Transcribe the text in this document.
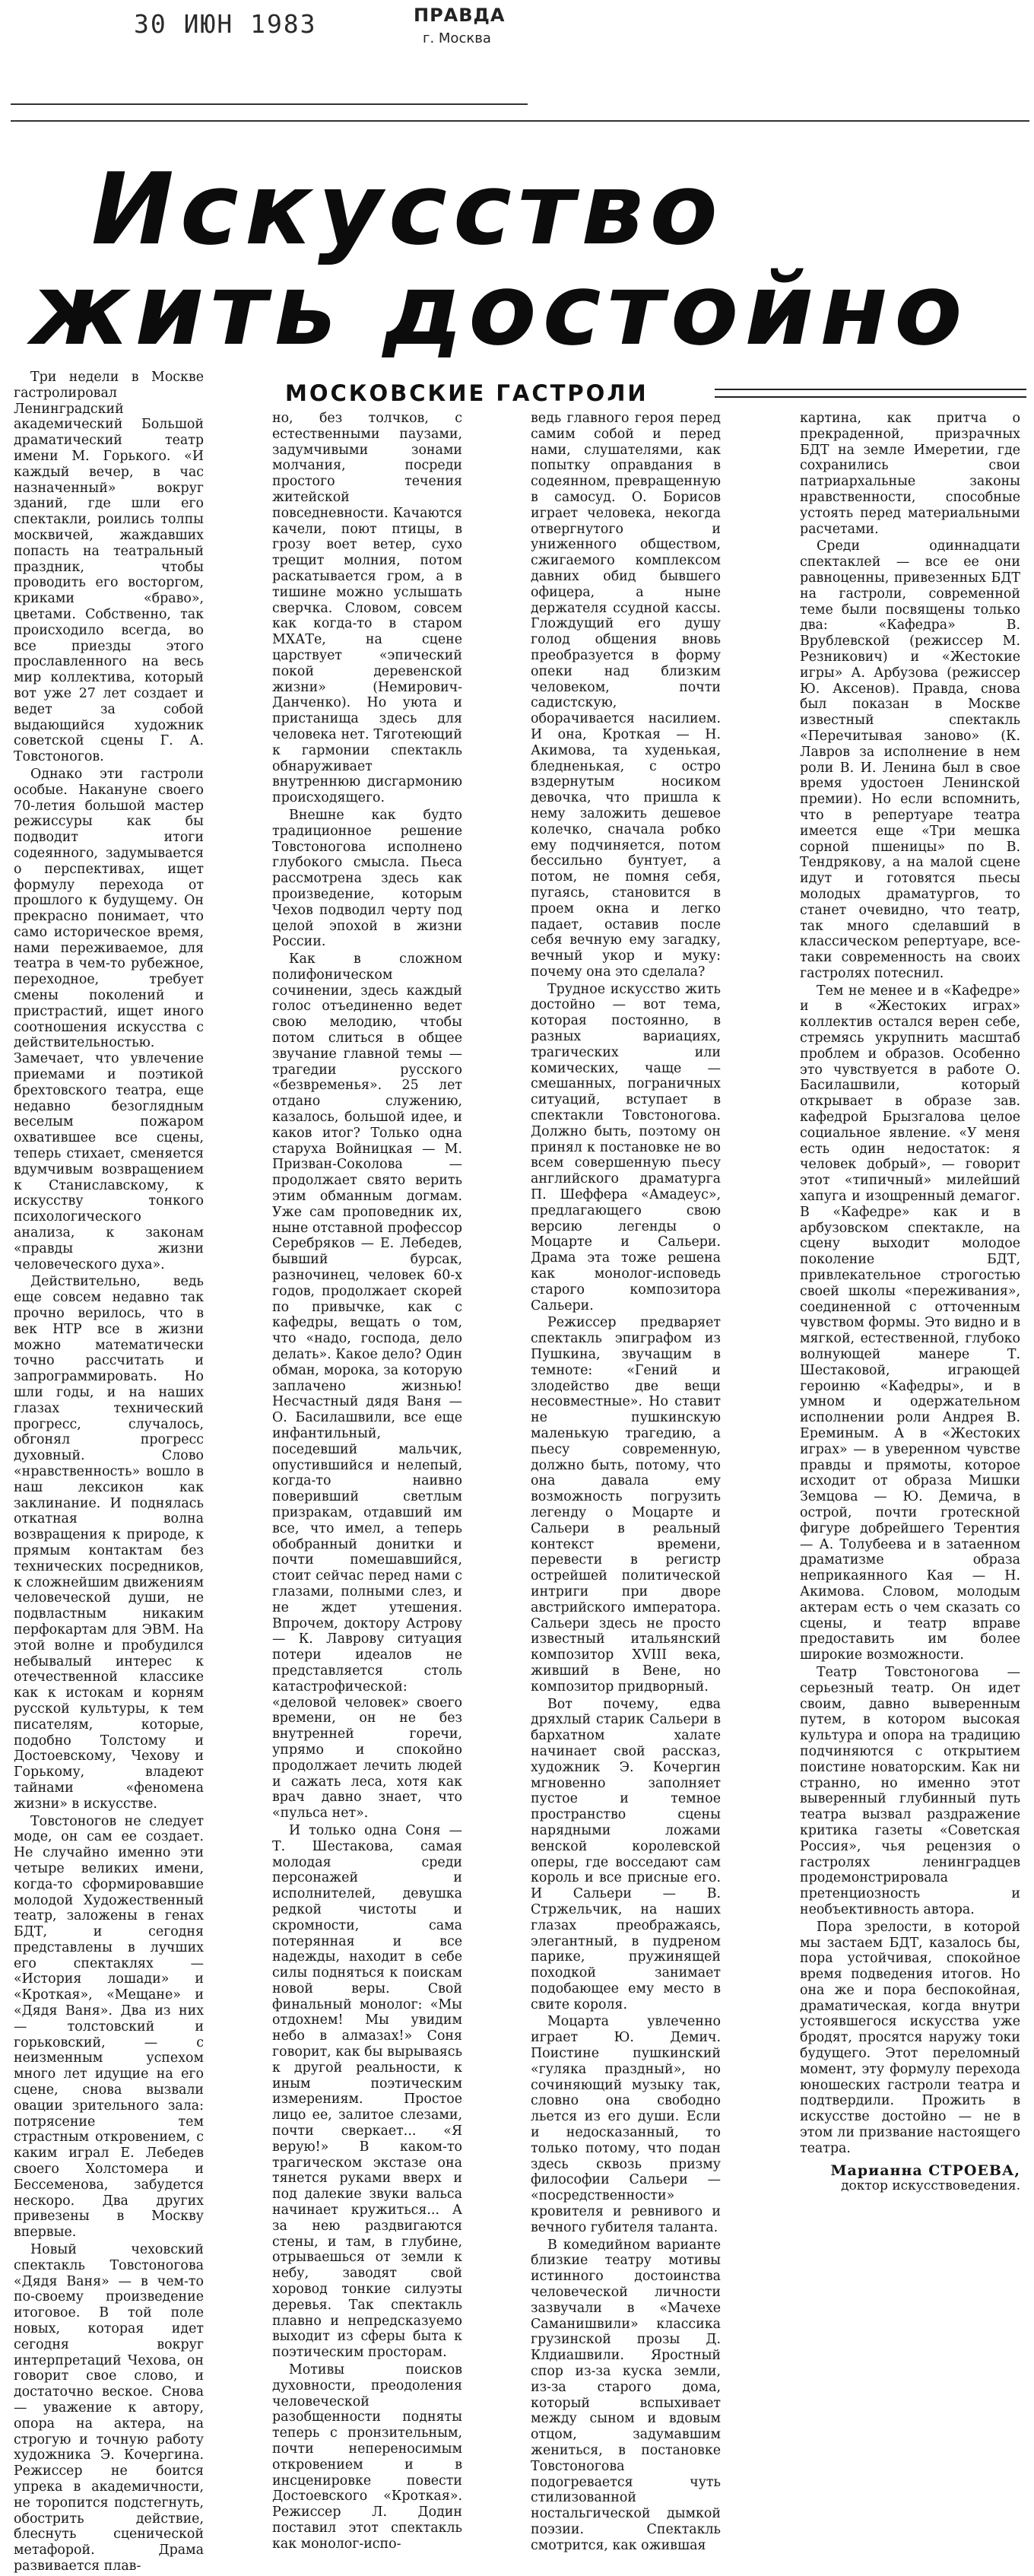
30 ИЮН 1983	ПРАВДА
г. Москва
Искусство
жить достойно
МОСКОВСКИЕ ГАСТРОЛИ

Три недели в Москве гастролировал Ленинградский академический Большой драматический театр имени М. Горького. «И каждый вечер, в час назначенный» вокруг зданий, где шли его спектакли, роились толпы москвичей, жаждавших попасть на театральный праздник, чтобы проводить его восторгом, криками «браво», цветами. Собственно, так происходило всегда, во все приезды этого прославленного на весь мир коллектива, который вот уже 27 лет создает и ведет за собой выдающийся художник советской сцены Г. А. Товстоногов.

Однако эти гастроли особые. Накануне своего 70-летия большой мастер режиссуры как бы подводит итоги содеянного, задумывается о перспективах, ищет формулу перехода от прошлого к будущему. Он прекрасно понимает, что само историческое время, нами переживаемое, для театра в чем-то рубежное, переходное, требует смены поколений и пристрастий, ищет иного соотношения искусства с действительностью. Замечает, что увлечение приемами и поэтикой брехтовского театра, еще недавно безоглядным веселым пожаром охватившее все сцены, теперь стихает, сменяется вдумчивым возвращением к Станиславскому, к искусству тонкого психологического анализа, к законам «правды жизни человеческого духа».

Действительно, ведь еще совсем недавно так прочно верилось, что в век НТР все в жизни можно математически точно рассчитать и запрограммировать. Но шли годы, и на наших глазах технический прогресс, случалось, обгонял прогресс духовный. Слово «нравственность» вошло в наш лексикон как заклинание. И поднялась откатная волна возвращения к природе, к прямым контактам без технических посредников, к сложнейшим движениям человеческой души, не подвластным никаким перфокартам для ЭВМ. На этой волне и пробудился небывалый интерес к отечественной классике как к истокам и корням русской культуры, к тем писателям, которые, подобно Толстому и Достоевскому, Чехову и Горькому, владеют тайнами «феномена жизни» в искусстве.

Товстоногов не следует моде, он сам ее создает. Не случайно именно эти четыре великих имени, когда-то сформировавшие молодой Художественный театр, заложены в генах БДТ, и сегодня представлены в лучших его спектаклях — «История лошади» и «Кроткая», «Мещане» и «Дядя Ваня». Два из них — толстовский и горьковский, — с неизменным успехом много лет идущие на его сцене, снова вызвали овации зрительного зала: потрясение тем страстным откровением, с каким играл Е. Лебедев своего Холстомера и Бессеменова, забудется нескоро. Два других привезены в Москву впервые.

Новый чеховский спектакль Товстоногова «Дядя Ваня» — в чем-то по-своему произведение итоговое. В той поле новых, которая идет сегодня вокруг интерпретаций Чехова, он говорит свое слово, и достаточно веское. Снова — уважение к автору, опора на актера, на строгую и точную работу художника Э. Кочергина. Режиссер не боится упрека в академичности, не торопится подстегнуть, обострить действие, блеснуть сценической метафорой. Драма развивается плав-

но, без толчков, с естественными паузами, задумчивыми зонами молчания, посреди простого течения житейской повседневности. Качаются качели, поют птицы, в грозу воет ветер, сухо трещит молния, потом раскатывается гром, а в тишине можно услышать сверчка. Словом, совсем как когда-то в старом МХАТе, на сцене царствует «эпический покой деревенской жизни» (Немирович-Данченко). Но уюта и пристанища здесь для человека нет. Тяготеющий к гармонии спектакль обнаруживает внутреннюю дисгармонию происходящего.

Внешне как будто традиционное решение Товстоногова исполнено глубокого смысла. Пьеса рассмотрена здесь как произведение, которым Чехов подводил черту под целой эпохой в жизни России.

Как в сложном полифоническом сочинении, здесь каждый голос отъединенно ведет свою мелодию, чтобы потом слиться в общее звучание главной темы — трагедии русского «безвременья». 25 лет отдано служению, казалось, большой идее, и каков итог? Только одна старуха Войницкая — М. Призван-Соколова — продолжает свято верить этим обманным догмам. Уже сам проповедник их, ныне отставной профессор Серебряков — Е. Лебедев, бывший бурсак, разночинец, человек 60-х годов, продолжает скорей по привычке, как с кафедры, вещать о том, что «надо, господа, дело делать». Какое дело? Один обман, морока, за которую заплачено жизнью! Несчастный дядя Ваня — О. Басилашвили, все еще инфантильный, поседевший мальчик, опустившийся и нелепый, когда-то наивно поверивший светлым призракам, отдавший им все, что имел, а теперь обобранный донитки и почти помешавшийся, стоит сейчас перед нами с глазами, полными слез, и не ждет утешения. Впрочем, доктору Астрову — К. Лаврову ситуация потери идеалов не представляется столь катастрофической: «деловой человек» своего времени, он не без внутренней горечи, упрямо и спокойно продолжает лечить людей и сажать леса, хотя как врач давно знает, что «пульса нет».

И только одна Соня — Т. Шестакова, самая молодая среди персонажей и исполнителей, девушка редкой чистоты и скромности, сама потерянная и все надежды, находит в себе силы подняться к поискам новой веры. Свой финальный монолог: «Мы отдохнем! Мы увидим небо в алмазах!» Соня говорит, как бы вырываясь к другой реальности, к иным поэтическим измерениям. Простое лицо ее, залитое слезами, почти сверкает... «Я верую!» В каком-то трагическом экстазе она тянется руками вверх и под далекие звуки вальса начинает кружиться... А за нею раздвигаются стены, и там, в глубине, отрываешься от земли к небу, заводят свой хоровод тонкие силуэты деревья. Так спектакль плавно и непредсказуемо выходит из сферы быта к поэтическим просторам.

Мотивы поисков духовности, преодоления человеческой разобщенности подняты теперь с пронзительным, почти непереносимым откровением и в инсценировке повести Достоевского «Кроткая». Режиссер Л. Додин поставил этот спектакль как монолог-испо-

ведь главного героя перед самим собой и перед нами, слушателями, как попытку оправдания в содеянном, превращенную в самосуд. О. Борисов играет человека, некогда отвергнутого и униженного обществом, сжигаемого комплексом давних обид бывшего офицера, а ныне держателя ссудной кассы. Глождущий его душу голод общения вновь преобразуется в форму опеки над близким человеком, почти садистскую, оборачивается насилием. И она, Кроткая — Н. Акимова, та худенькая, бледненькая, с остро вздернутым носиком девочка, что пришла к нему заложить дешевое колечко, сначала робко ему подчиняется, потом бессильно бунтует, а потом, не помня себя, пугаясь, становится в проем окна и легко падает, оставив после себя вечную ему загадку, вечный укор и муку: почему она это сделала?

Трудное искусство жить достойно — вот тема, которая постоянно, в разных вариациях, трагических или комических, чаще — смешанных, пограничных ситуаций, вступает в спектакли Товстоногова. Должно быть, поэтому он принял к постановке не во всем совершенную пьесу английского драматурга П. Шеффера «Амадеус», предлагающего свою версию легенды о Моцарте и Сальери. Драма эта тоже решена как монолог-исповедь старого композитора Сальери.

Режиссер предваряет спектакль эпиграфом из Пушкина, звучащим в темноте: «Гений и злодейство две вещи несовместные». Но ставит не пушкинскую маленькую трагедию, а пьесу современную, должно быть, потому, что она давала ему возможность погрузить легенду о Моцарте и Сальери в реальный контекст времени, перевести в регистр острейшей политической интриги при дворе австрийского императора. Сальери здесь не просто известный итальянский композитор XVIII века, живший в Вене, но композитор придворный.

Вот почему, едва дряхлый старик Сальери в бархатном халате начинает свой рассказ, художник Э. Кочергин мгновенно заполняет пустое и темное пространство сцены нарядными ложами венской королевской оперы, где восседают сам король и все присные его. И Сальери — В. Стржельчик, на наших глазах преображаясь, элегантный, в пудреном парике, пружинящей походкой занимает подобающее ему место в свите короля.

Моцарта увлеченно играет Ю. Демич. Поистине пушкинский «гуляка праздный», но сочиняющий музыку так, словно она свободно льется из его души. Если и недосказанный, то только потому, что подан здесь сквозь призму философии Сальери — «посредственности» кровителя и ревнивого и вечного губителя таланта.

В комедийном варианте близкие театру мотивы истинного достоинства человеческой личности зазвучали в «Мачехе Саманишвили» классика грузинской прозы Д. Клдиашвили. Яростный спор из-за куска земли, из-за старого дома, который вспыхивает между сыном и вдовым отцом, задумавшим жениться, в постановке Товстоногова подогревается чуть стилизованной ностальгической дымкой поэзии. Спектакль смотрится, как ожившая

картина, как притча о прекраденной, призрачных БДТ на земле Имеретии, где сохранились свои патриархальные законы нравственности, способные устоять перед материальными расчетами.

Среди одиннадцати спектаклей — все ее они равноценны, привезенных БДТ на гастроли, современной теме были посвящены только два: «Кафедра» В. Врублевской (режиссер М. Резникович) и «Жестокие игры» А. Арбузова (режиссер Ю. Аксенов). Правда, снова был показан в Москве известный спектакль «Перечитывая заново» (К. Лавров за исполнение в нем роли В. И. Ленина был в свое время удостоен Ленинской премии). Но если вспомнить, что в репертуаре театра имеется еще «Три мешка сорной пшеницы» по В. Тендрякову, а на малой сцене идут и готовятся пьесы молодых драматургов, то станет очевидно, что театр, так много сделавший в классическом репертуаре, все-таки современность на своих гастролях потеснил.

Тем не менее и в «Кафедре» и в «Жестоких играх» коллектив остался верен себе, стремясь укрупнить масштаб проблем и образов. Особенно это чувствуется в работе О. Басилашвили, который открывает в образе зав. кафедрой Брызгалова целое социальное явление. «У меня есть один недостаток: я человек добрый», — говорит этот «типичный» милейший хапуга и изощренный демагог. В «Кафедре» как и в арбузовском спектакле, на сцену выходит молодое поколение БДТ, привлекательное строгостью своей школы «переживания», соединенной с отточенным чувством формы. Это видно и в мягкой, естественной, глубоко волнующей манере Т. Шестаковой, играющей героиню «Кафедры», и в умном и одержательном исполнении роли Андрея В. Ереминым. А в «Жестоких играх» — в уверенном чувстве правды и прямоты, которое исходит от образа Мишки Земцова — Ю. Демича, в острой, почти гротескной фигуре добрейшего Терентия — А. Толубеева и в затаенном драматизме образа неприкаянного Кая — Н. Акимова. Словом, молодым актерам есть о чем сказать со сцены, и театр вправе предоставить им более широкие возможности.

Театр Товстоногова — серьезный театр. Он идет своим, давно выверенным путем, в котором высокая культура и опора на традицию подчиняются с открытием поистине новаторским. Как ни странно, но именно этот выверенный глубинный путь театра вызвал раздражение критика газеты «Советская Россия», чья рецензия о гастролях ленинградцев продемонстрировала претенциозность и необъективность автора.

Пора зрелости, в которой мы застаем БДТ, казалось бы, пора устойчивая, спокойное время подведения итогов. Но она же и пора беспокойная, драматическая, когда внутри устоявшегося искусства уже бродят, просятся наружу токи будущего. Этот переломный момент, эту формулу перехода юношеских гастроли театра и подтвердили. Прожить в искусстве достойно — не в этом ли призвание настоящего театра.

Марианна СТРОЕВА,
доктор искусствоведения.
